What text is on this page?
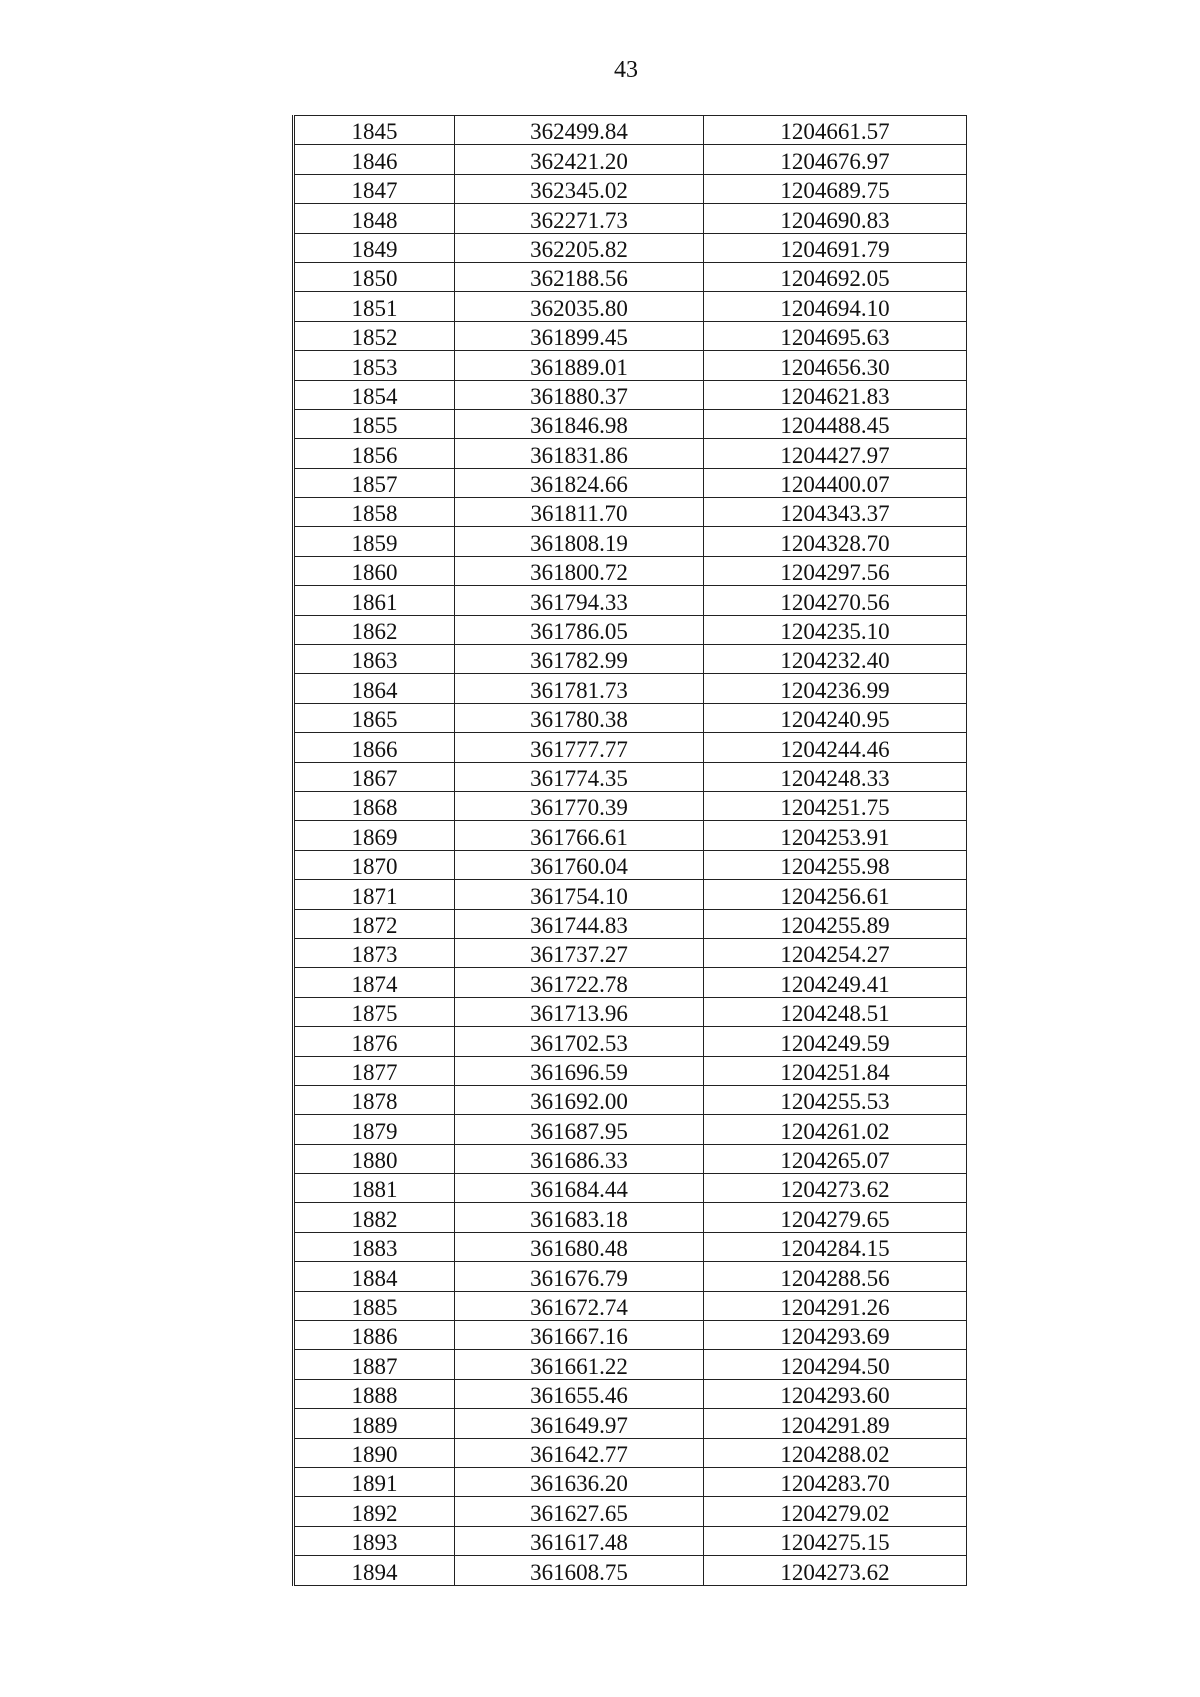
43
1845	362499.84	1204661.57
1846	362421.20	1204676.97
1847	362345.02	1204689.75
1848	362271.73	1204690.83
1849	362205.82	1204691.79
1850	362188.56	1204692.05
1851	362035.80	1204694.10
1852	361899.45	1204695.63
1853	361889.01	1204656.30
1854	361880.37	1204621.83
1855	361846.98	1204488.45
1856	361831.86	1204427.97
1857	361824.66	1204400.07
1858	361811.70	1204343.37
1859	361808.19	1204328.70
1860	361800.72	1204297.56
1861	361794.33	1204270.56
1862	361786.05	1204235.10
1863	361782.99	1204232.40
1864	361781.73	1204236.99
1865	361780.38	1204240.95
1866	361777.77	1204244.46
1867	361774.35	1204248.33
1868	361770.39	1204251.75
1869	361766.61	1204253.91
1870	361760.04	1204255.98
1871	361754.10	1204256.61
1872	361744.83	1204255.89
1873	361737.27	1204254.27
1874	361722.78	1204249.41
1875	361713.96	1204248.51
1876	361702.53	1204249.59
1877	361696.59	1204251.84
1878	361692.00	1204255.53
1879	361687.95	1204261.02
1880	361686.33	1204265.07
1881	361684.44	1204273.62
1882	361683.18	1204279.65
1883	361680.48	1204284.15
1884	361676.79	1204288.56
1885	361672.74	1204291.26
1886	361667.16	1204293.69
1887	361661.22	1204294.50
1888	361655.46	1204293.60
1889	361649.97	1204291.89
1890	361642.77	1204288.02
1891	361636.20	1204283.70
1892	361627.65	1204279.02
1893	361617.48	1204275.15
1894	361608.75	1204273.62
